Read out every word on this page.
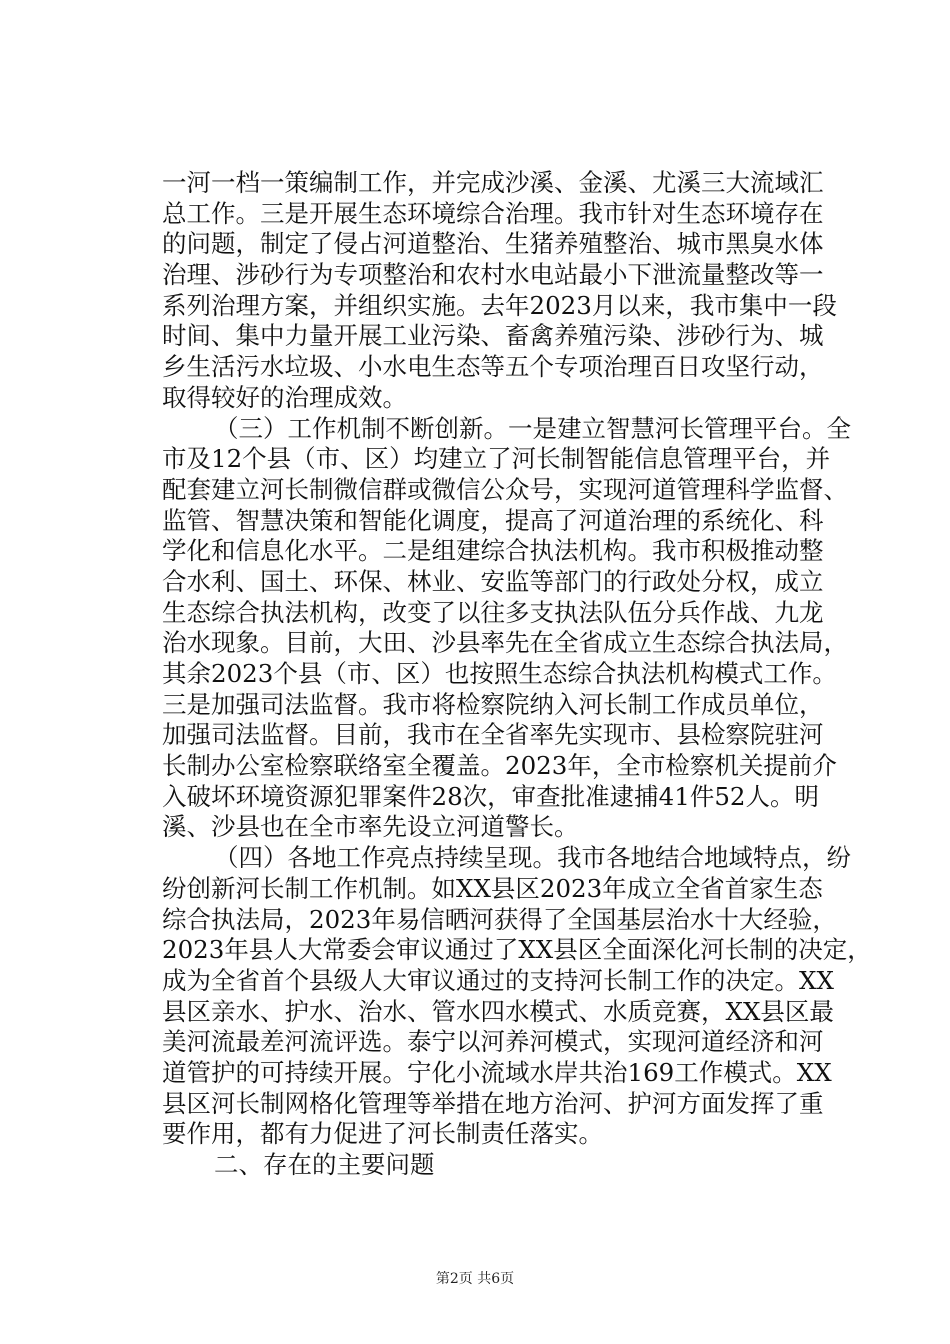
一河一档一策编制工作，并完成沙溪、金溪、尤溪三大流域汇
总工作。三是开展生态环境综合治理。我市针对生态环境存在
的问题，制定了侵占河道整治、生猪养殖整治、城市黑臭水体
治理、涉砂行为专项整治和农村水电站最小下泄流量整改等一
系列治理方案，并组织实施。去年2023月以来，我市集中一段
时间、集中力量开展工业污染、畜禽养殖污染、涉砂行为、城
乡生活污水垃圾、小水电生态等五个专项治理百日攻坚行动，
取得较好的治理成效。
（三）工作机制不断创新。一是建立智慧河长管理平台。全
市及12个县（市、区）均建立了河长制智能信息管理平台，并
配套建立河长制微信群或微信公众号，实现河道管理科学监督、
监管、智慧决策和智能化调度，提高了河道治理的系统化、科
学化和信息化水平。二是组建综合执法机构。我市积极推动整
合水利、国土、环保、林业、安监等部门的行政处分权，成立
生态综合执法机构，改变了以往多支执法队伍分兵作战、九龙
治水现象。目前，大田、沙县率先在全省成立生态综合执法局，
其余2023个县（市、区）也按照生态综合执法机构模式工作。
三是加强司法监督。我市将检察院纳入河长制工作成员单位，
加强司法监督。目前，我市在全省率先实现市、县检察院驻河
长制办公室检察联络室全覆盖。2023年，全市检察机关提前介
入破坏环境资源犯罪案件28次，审查批准逮捕41件52人。明
溪、沙县也在全市率先设立河道警长。
（四）各地工作亮点持续呈现。我市各地结合地域特点，纷
纷创新河长制工作机制。如XX县区2023年成立全省首家生态
综合执法局，2023年易信晒河获得了全国基层治水十大经验，
2023年县人大常委会审议通过了XX县区全面深化河长制的决定，
成为全省首个县级人大审议通过的支持河长制工作的决定。XX
县区亲水、护水、治水、管水四水模式、水质竞赛，XX县区最
美河流最差河流评选。泰宁以河养河模式，实现河道经济和河
道管护的可持续开展。宁化小流域水岸共治169工作模式。XX
县区河长制网格化管理等举措在地方治河、护河方面发挥了重
要作用，都有力促进了河长制责任落实。
二、存在的主要问题
第2页 共6页
